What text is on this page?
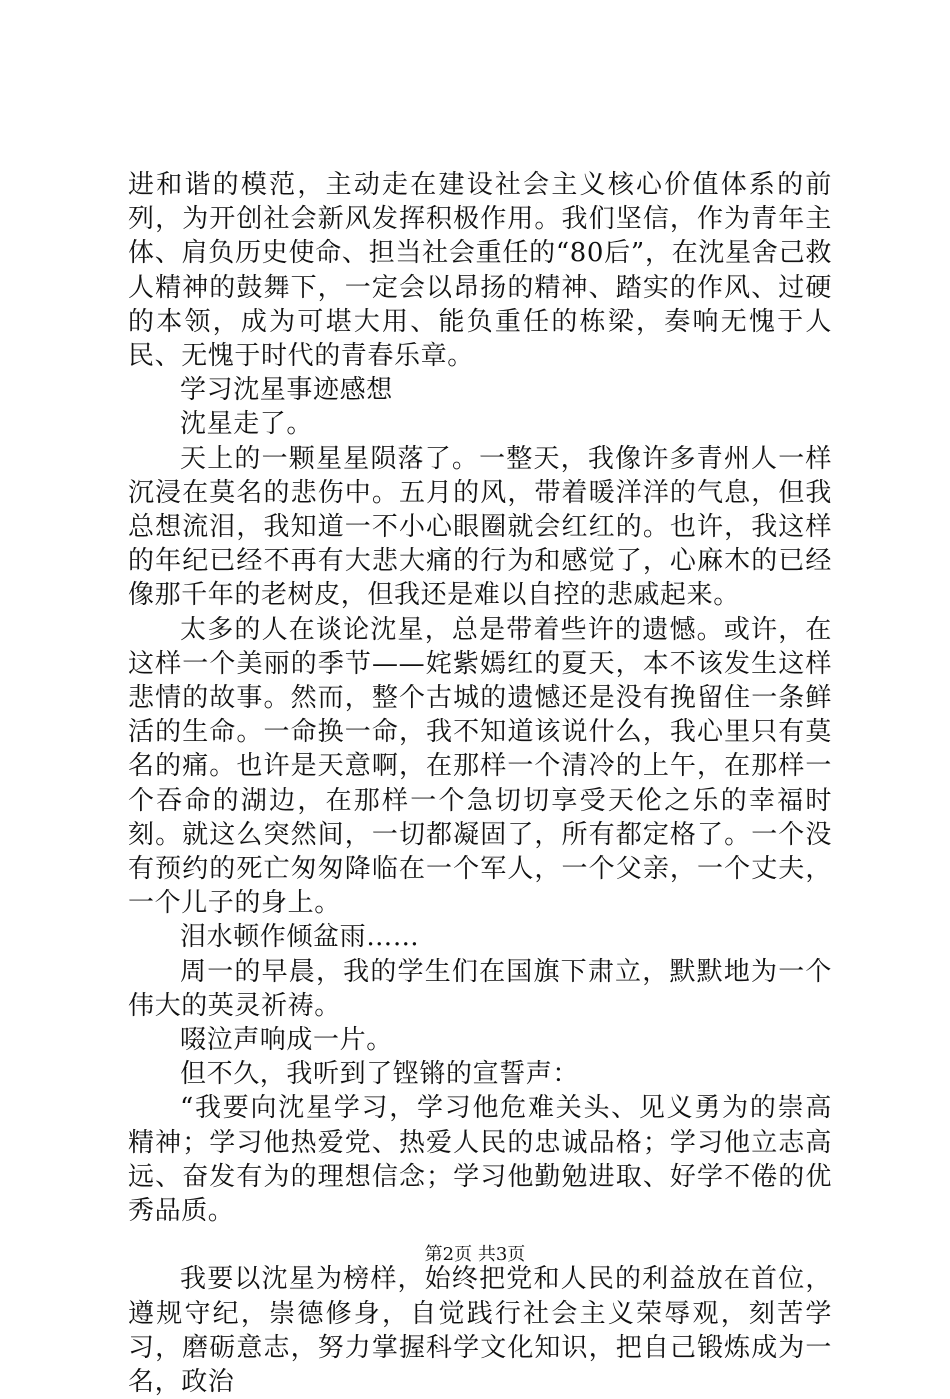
进和谐的模范，主动走在建设社会主义核心价值体系的前列，为开创社会新风发挥积极作用。我们坚信，作为青年主体、肩负历史使命、担当社会重任的“80后”，在沈星舍己救人精神的鼓舞下，一定会以昂扬的精神、踏实的作风、过硬的本领，成为可堪大用、能负重任的栋梁，奏响无愧于人民、无愧于时代的青春乐章。

学习沈星事迹感想

沈星走了。

天上的一颗星星陨落了。一整天，我像许多青州人一样沉浸在莫名的悲伤中。五月的风，带着暖洋洋的气息，但我总想流泪，我知道一不小心眼圈就会红红的。也许，我这样的年纪已经不再有大悲大痛的行为和感觉了，心麻木的已经像那千年的老树皮，但我还是难以自控的悲戚起来。

太多的人在谈论沈星，总是带着些许的遗憾。或许，在这样一个美丽的季节——姹紫嫣红的夏天，本不该发生这样悲情的故事。然而，整个古城的遗憾还是没有挽留住一条鲜活的生命。一命换一命，我不知道该说什么，我心里只有莫名的痛。也许是天意啊，在那样一个清冷的上午，在那样一个吞命的湖边，在那样一个急切切享受天伦之乐的幸福时刻。就这么突然间，一切都凝固了，所有都定格了。一个没有预约的死亡匆匆降临在一个军人，一个父亲，一个丈夫，一个儿子的身上。

泪水顿作倾盆雨……

周一的早晨，我的学生们在国旗下肃立，默默地为一个伟大的英灵祈祷。

啜泣声响成一片。

但不久，我听到了铿锵的宣誓声：

“我要向沈星学习，学习他危难关头、见义勇为的崇高精神；学习他热爱党、热爱人民的忠诚品格；学习他立志高远、奋发有为的理想信念；学习他勤勉进取、好学不倦的优秀品质。

我要以沈星为榜样，始终把党和人民的利益放在首位，遵规守纪，崇德修身，自觉践行社会主义荣辱观，刻苦学习，磨砺意志，努力掌握科学文化知识，把自己锻炼成为一名，政治

第2页 共3页
